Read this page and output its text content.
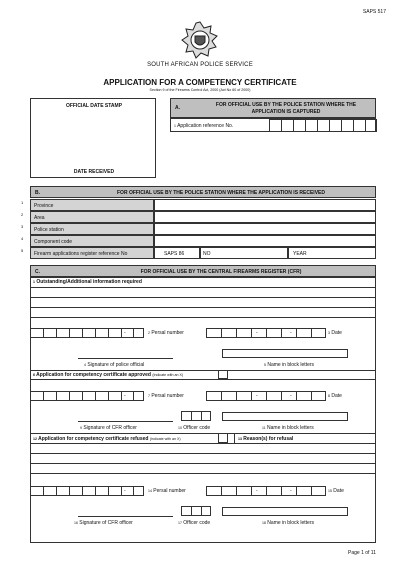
SAPS 517
SOUTH AFRICAN POLICE SERVICE
APPLICATION FOR A COMPETENCY CERTIFICATE
Section 9 of the Firearms Control Act, 2000 (Act No 60 of 2000)
OFFICIAL DATE STAMP
DATE RECEIVED
A.	FOR OFFICIAL USE BY THE POLICE STATION WHERE THE APPLICATION IS CAPTURED
$^1$ Application reference No.
B.	FOR OFFICIAL USE BY THE POLICE STATION WHERE THE APPLICATION IS RECEIVED
Province
Area
Police station
Component code
Firearm applications register reference No	SAPS 86	NO	YEAR
1
2
3
4
5
C.	FOR OFFICIAL USE BY THE CENTRAL FIREARMS REGISTER (CFR)
$^1$ Outstanding/Additional information required
-	$^2$ Persal number	-	-	$^3$ Date
$^4$ Signature of police official	$^5$ Name in block letters
$^6$ Application for competency certificate approved (Indicate with an X)
-	$^7$ Persal number	-	-	$^8$ Date
$^9$ Signature of CFR officer	$^{10}$ Officer code	$^{11}$ Name in block letters
$^{12}$ Application for competency certificate refused (Indicate with an X)	$^{13}$ Reason(s) for refusal
-	$^{14}$ Persal number	-	-	$^{15}$ Date
$^{16}$ Signature of CFR officer	$^{17}$ Officer code	$^{18}$ Name in block letters
Page 1 of 11
